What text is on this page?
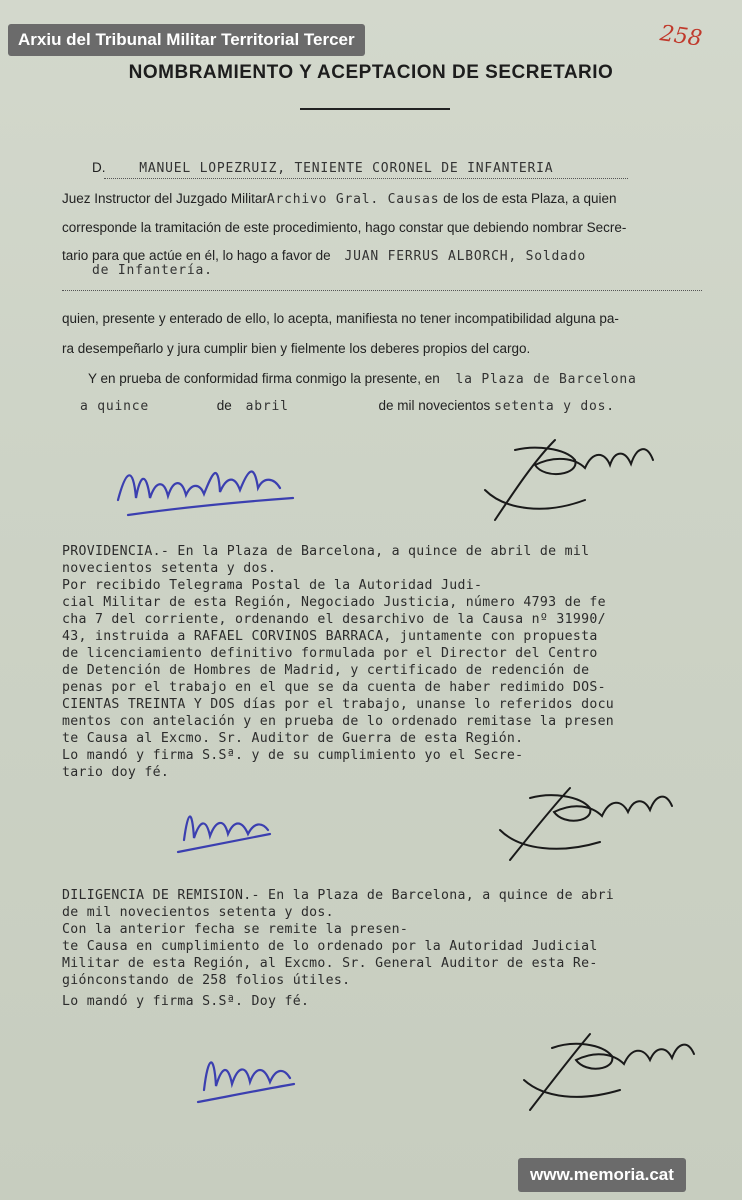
Arxiu del Tribunal Militar Territorial Tercer	258
NOMBRAMIENTO Y ACEPTACION DE SECRETARIO
D.	MANUEL LOPEZRUIZ, TENIENTE CORONEL DE INFANTERIA
Juez Instructor del Juzgado MilitarArchivo Gral. Causas de los de esta Plaza, a quien
corresponde la tramitación de este procedimiento, hago constar que debiendo nombrar Secre-
tario para que actúe en él, lo hago a favor de JUAN FERRUS ALBORCH, Soldado
de Infantería.
quien, presente y enterado de ello, lo acepta, manifiesta no tener incompatibilidad alguna pa-
ra desempeñarlo y jura cumplir bien y fielmente los deberes propios del cargo.
Y en prueba de conformidad firma conmigo la presente, en la Plaza de Barcelona
a quince	de abril	de mil novecientos setenta y dos.
PROVIDENCIA.- En la Plaza de Barcelona, a quince de abril de mil
novecientos setenta y dos.
Por recibido Telegrama Postal de la Autoridad Judi-
cial Militar de esta Región, Negociado Justicia, número 4793 de fe
cha 7 del corriente, ordenando el desarchivo de la Causa nº 31990/
43, instruida a RAFAEL CORVINOS BARRACA, juntamente con propuesta
de licenciamiento definitivo formulada por el Director del Centro
de Detención de Hombres de Madrid, y certificado de redención de
penas por el trabajo en el que se da cuenta de haber redimido DOS-
CIENTAS TREINTA Y DOS días por el trabajo, unanse lo referidos docu
mentos con antelación y en prueba de lo ordenado remitase la presen
te Causa al Excmo. Sr. Auditor de Guerra de esta Región.
Lo mandó y firma S.Sª. y de su cumplimiento yo el Secre-
tario doy fé.
DILIGENCIA DE REMISION.- En la Plaza de Barcelona, a quince de abri
de mil novecientos setenta y dos.
Con la anterior fecha se remite la presen-
te Causa en cumplimiento de lo ordenado por la Autoridad Judicial
Militar de esta Región, al Excmo. Sr. General Auditor de esta Re-
giónconstando de 258 folios útiles.
Lo mandó y firma S.Sª. Doy fé.
www.memoria.cat
